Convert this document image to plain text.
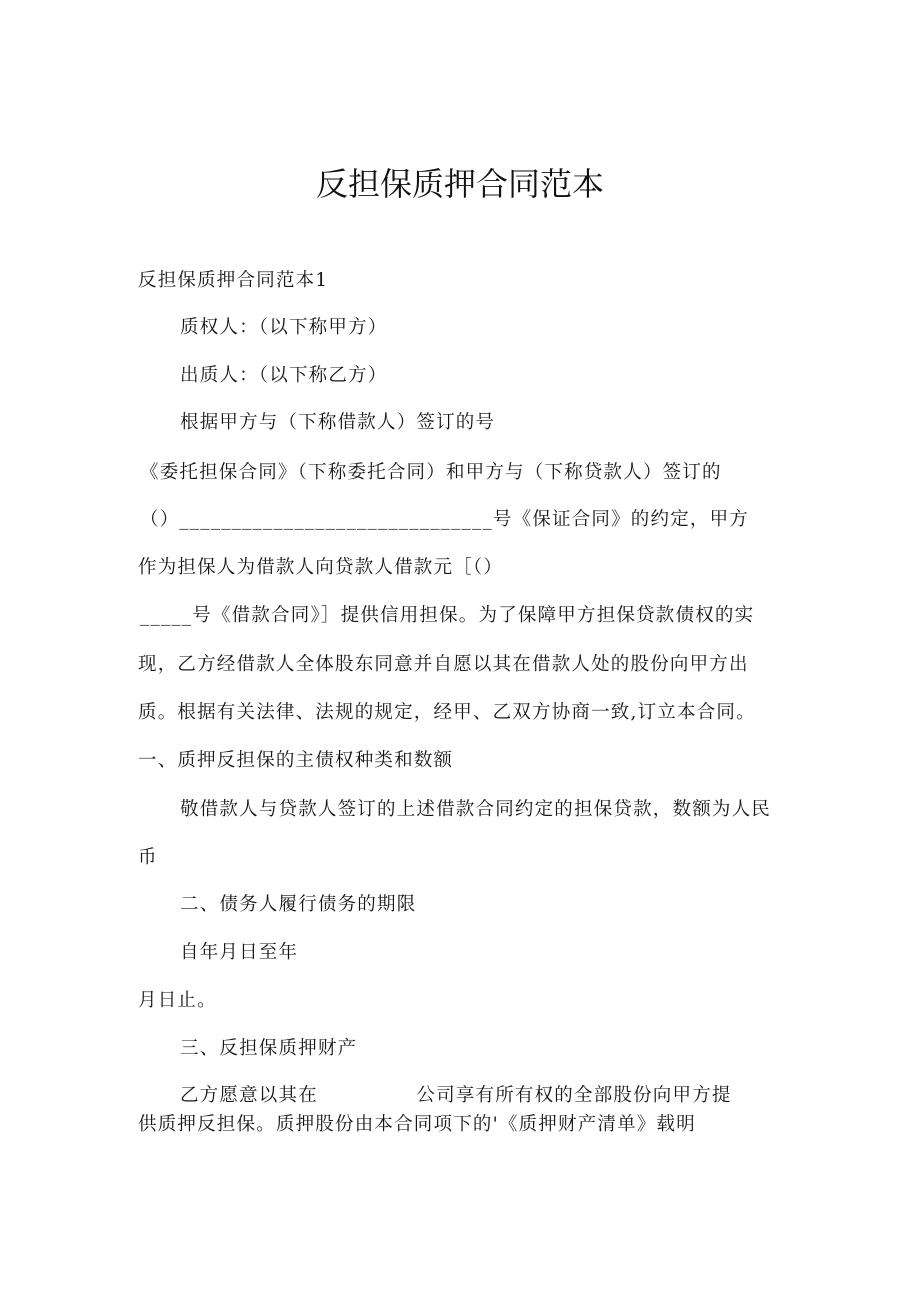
反担保质押合同范本
反担保质押合同范本1
质权人：（以下称甲方）
出质人：（以下称乙方）
根据甲方与（下称借款人）签订的号
《委托担保合同》（下称委托合同）和甲方与（下称贷款人）签订的
（）______________________________号《保证合同》的约定，甲方
作为担保人为借款人向贷款人借款元［（）
_____号《借款合同》］提供信用担保。为了保障甲方担保贷款债权的实
现，乙方经借款人全体股东同意并自愿以其在借款人处的股份向甲方出
质。根据有关法律、法规的规定，经甲、乙双方协商一致,订立本合同。
一、质押反担保的主债权种类和数额
敬借款人与贷款人签订的上述借款合同约定的担保贷款，数额为人民
币
二、债务人履行债务的期限
自年月日至年
月日止。
三、反担保质押财产
乙方愿意以其在　　　　　公司享有所有权的全部股份向甲方提
供质押反担保。质押股份由本合同项下的'《质押财产清单》载明
